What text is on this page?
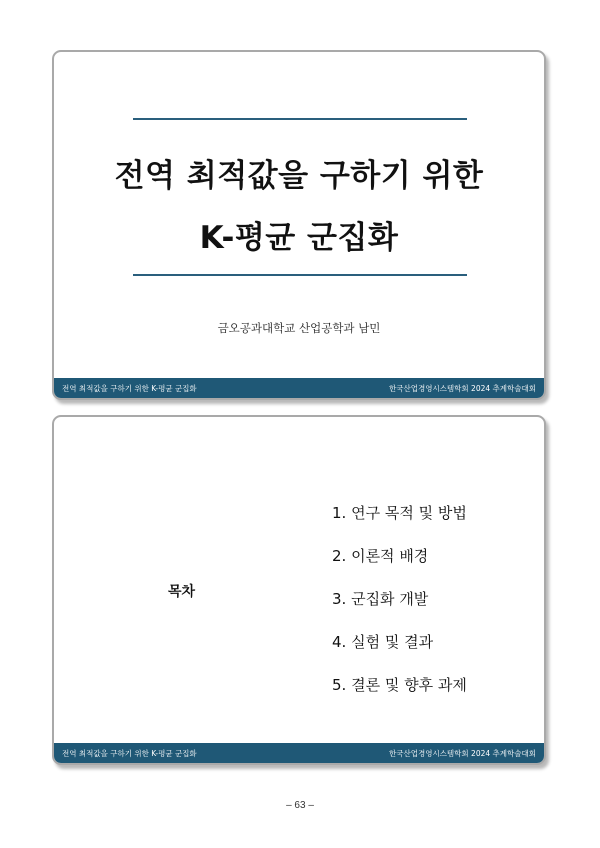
전역 최적값을 구하기 위한
K-평균 군집화
금오공과대학교 산업공학과 남민
전역 최적값을 구하기 위한 K-평균 군집화	한국산업경영시스템학회 2024 추계학술대회
목차
1. 연구 목적 및 방법
2. 이론적 배경
3. 군집화 개발
4. 실험 및 결과
5. 결론 및 향후 과제
전역 최적값을 구하기 위한 K-평균 군집화	한국산업경영시스템학회 2024 추계학술대회
– 63 –
